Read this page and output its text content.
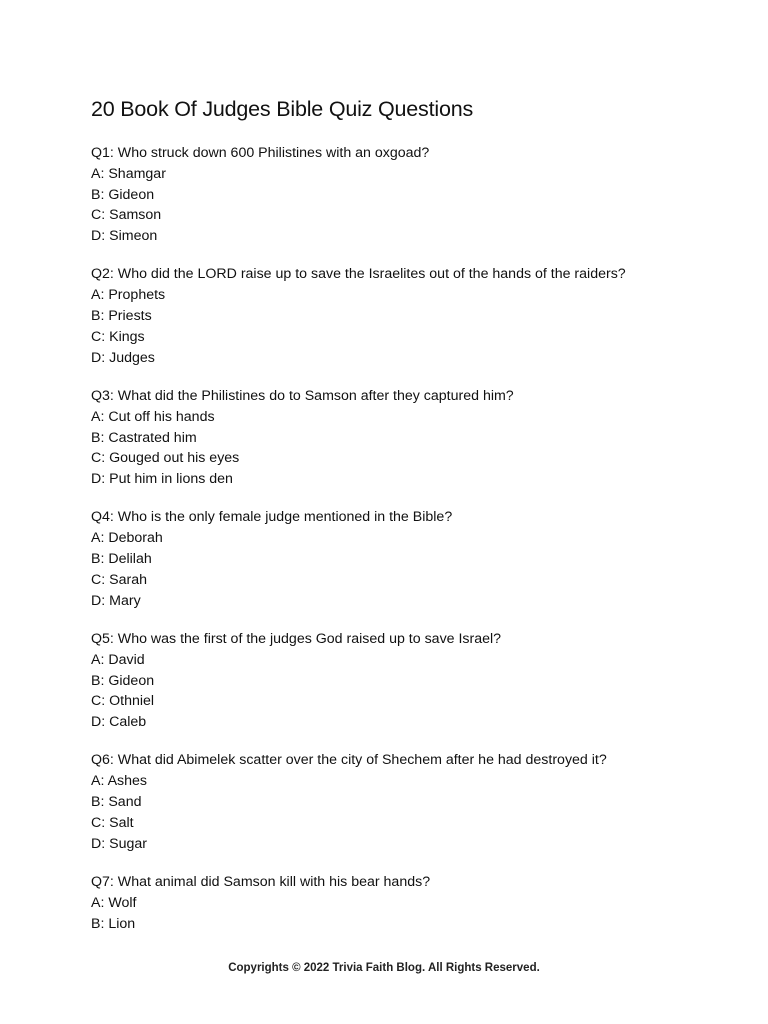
20 Book Of Judges Bible Quiz Questions
Q1: Who struck down 600 Philistines with an oxgoad?
A: Shamgar
B: Gideon
C: Samson
D: Simeon
Q2: Who did the LORD raise up to save the Israelites out of the hands of the raiders?
A: Prophets
B: Priests
C: Kings
D: Judges
Q3: What did the Philistines do to Samson after they captured him?
A: Cut off his hands
B: Castrated him
C: Gouged out his eyes
D: Put him in lions den
Q4: Who is the only female judge mentioned in the Bible?
A: Deborah
B: Delilah
C: Sarah
D: Mary
Q5: Who was the first of the judges God raised up to save Israel?
A: David
B: Gideon
C: Othniel
D: Caleb
Q6: What did Abimelek scatter over the city of Shechem after he had destroyed it?
A: Ashes
B: Sand
C: Salt
D: Sugar
Q7: What animal did Samson kill with his bear hands?
A: Wolf
B: Lion
Copyrights © 2022 Trivia Faith Blog. All Rights Reserved.
